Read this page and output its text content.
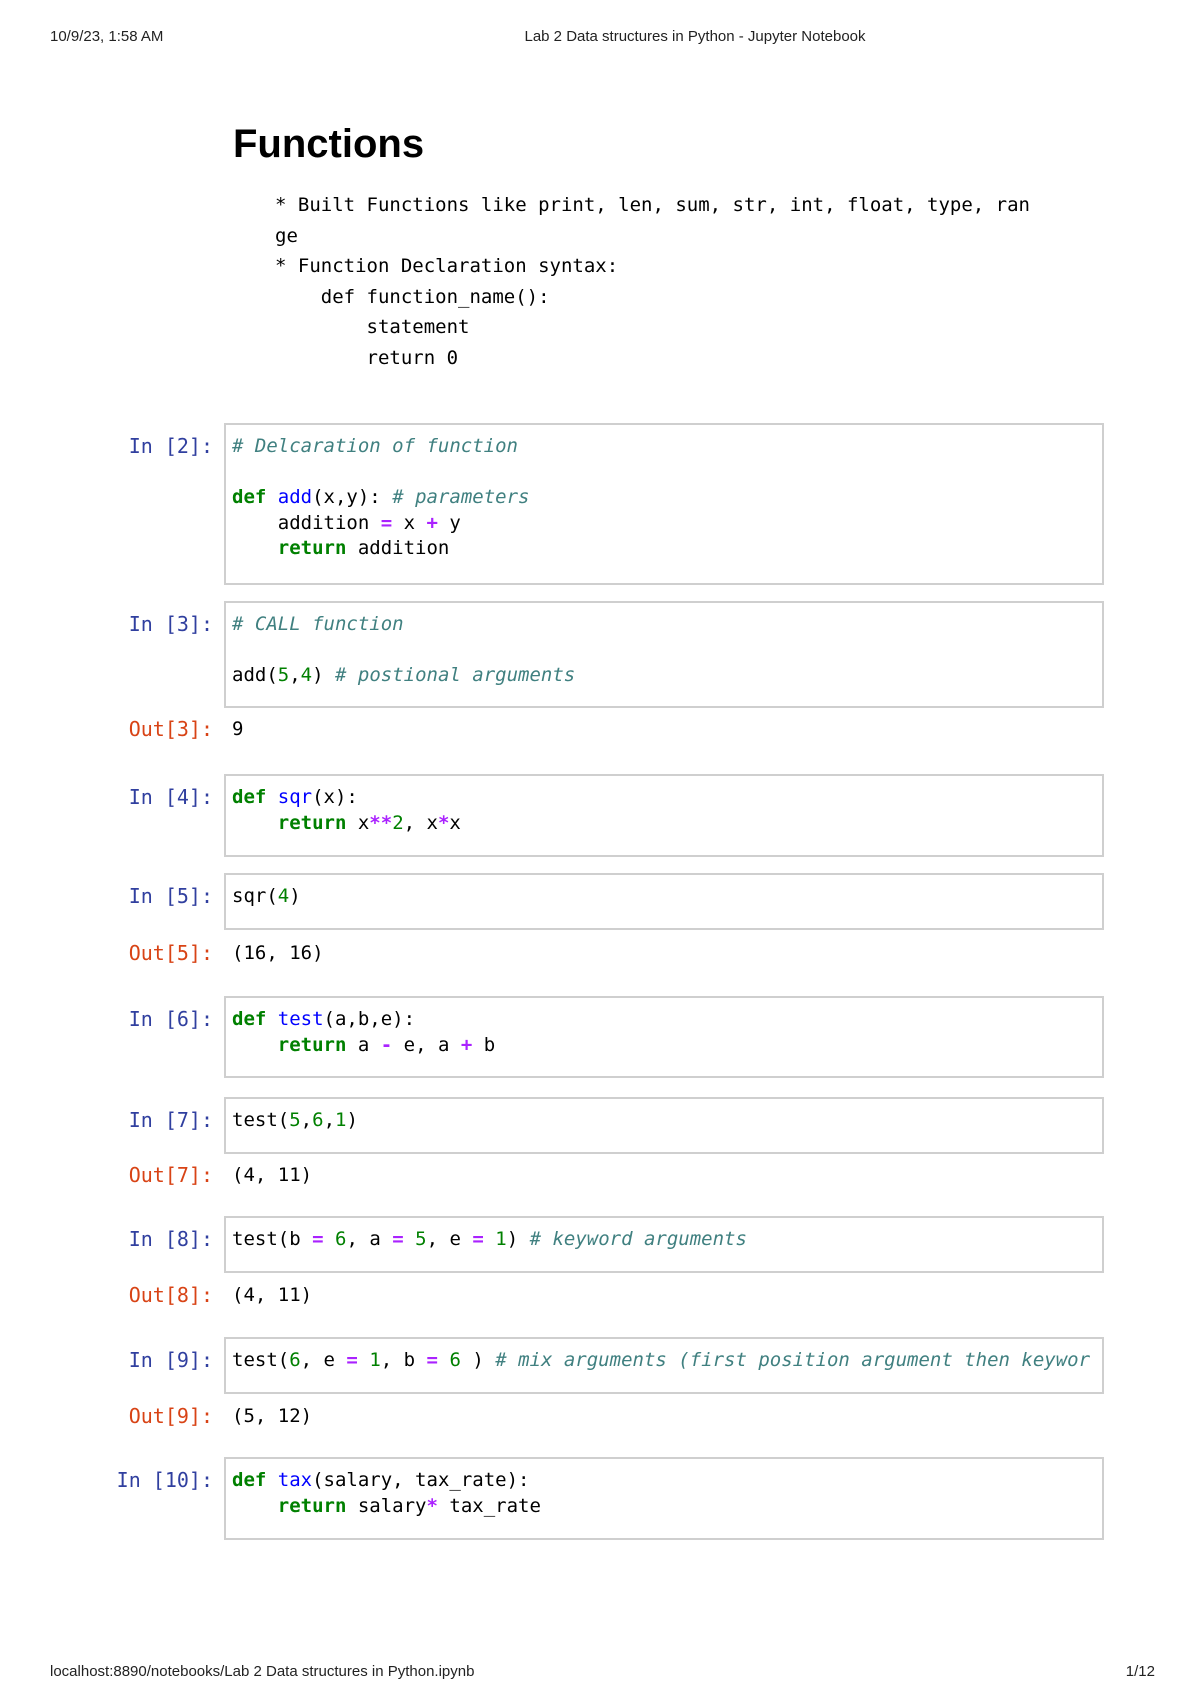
10/9/23, 1:58 AM	Lab 2 Data structures in Python - Jupyter Notebook
Functions
* Built Functions like print, len, sum, str, int, float, type, ran
ge
* Function Declaration syntax:
def function_name():
statement
return 0
In [2]: # Delcaration of function
def add(x,y): # parameters
addition = x + y
return addition
In [3]: # CALL function
add(5,4) # postional arguments
Out[3]: 9
In [4]: def sqr(x):
return x**2, x*x
In [5]: sqr(4)
Out[5]: (16, 16)
In [6]: def test(a,b,e):
return a - e, a + b
In [7]: test(5,6,1)
Out[7]: (4, 11)
In [8]: test(b = 6, a = 5, e = 1) # keyword arguments
Out[8]: (4, 11)
In [9]: test(6, e = 1, b = 6 ) # mix arguments (first position argument then keywor
Out[9]: (5, 12)
In [10]: def tax(salary, tax_rate):
return salary* tax_rate
localhost:8890/notebooks/Lab 2 Data structures in Python.ipynb	1/12
